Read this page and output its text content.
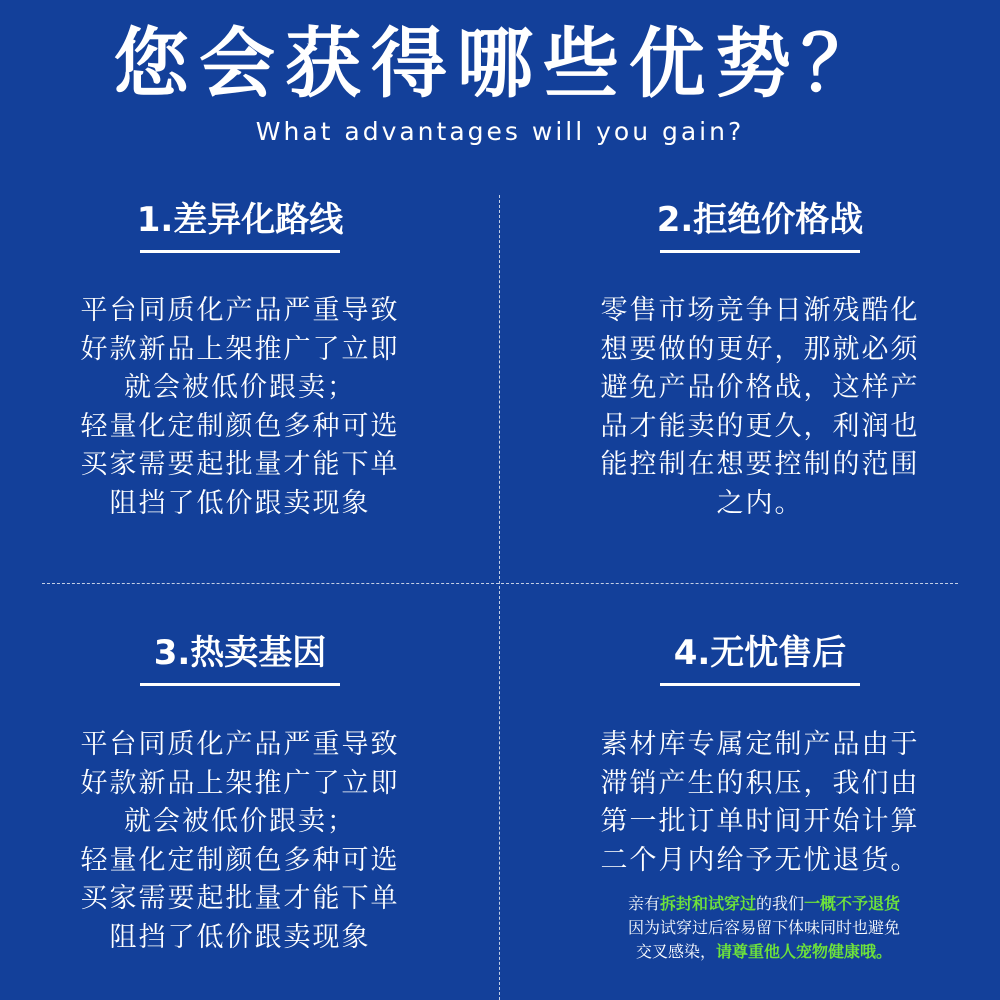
您会获得哪些优势？
What advantages will you gain?
1.差异化路线
平台同质化产品严重导致
好款新品上架推广了立即
就会被低价跟卖；
轻量化定制颜色多种可选
买家需要起批量才能下单
阻挡了低价跟卖现象
2.拒绝价格战
零售市场竞争日渐残酷化
想要做的更好，那就必须
避免产品价格战，这样产
品才能卖的更久，利润也
能控制在想要控制的范围
之内。
3.热卖基因
平台同质化产品严重导致
好款新品上架推广了立即
就会被低价跟卖；
轻量化定制颜色多种可选
买家需要起批量才能下单
阻挡了低价跟卖现象
4.无忧售后
素材库专属定制产品由于
滞销产生的积压，我们由
第一批订单时间开始计算
二个月内给予无忧退货。
亲有拆封和试穿过的我们一概不予退货
因为试穿过后容易留下体味同时也避免
交叉感染，请尊重他人宠物健康哦。
